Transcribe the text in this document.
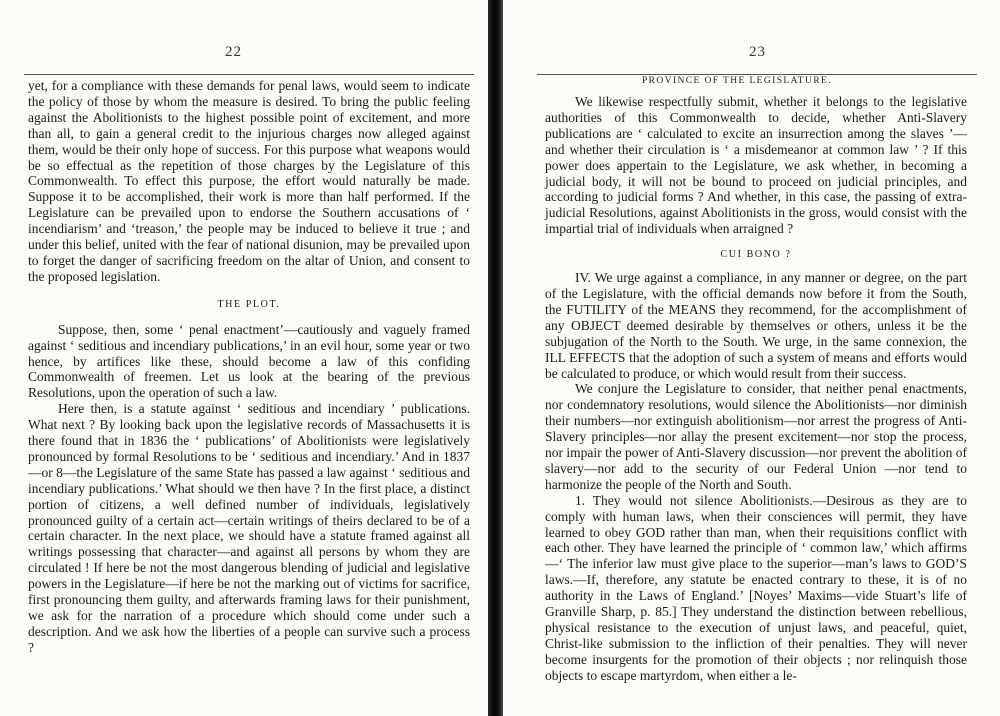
22

yet, for a compliance with these demands for penal laws, would seem to indicate the policy of those by whom the measure is desired. To bring the public feeling against the Abolitionists to the highest possible point of excitement, and more than all, to gain a general credit to the injurious charges now alleged against them, would be their only hope of success. For this purpose what weapons would be so effectual as the repetition of those charges by the Legislature of this Commonwealth. To effect this purpose, the effort would naturally be made. Suppose it to be accomplished, their work is more than half performed. If the Legislature can be prevailed upon to endorse the Southern accusations of ‘ incendiarism’ and ‘treason,’ the people may be induced to believe it true ; and under this belief, united with the fear of national disunion, may be prevailed upon to forget the danger of sacrificing freedom on the altar of Union, and consent to the proposed legislation.

THE PLOT.

Suppose, then, some ‘ penal enactment’—cautiously and vaguely framed against ‘ seditious and incendiary publications,’ in an evil hour, some year or two hence, by artifices like these, should become a law of this confiding Commonwealth of freemen. Let us look at the bearing of the previous Resolutions, upon the operation of such a law.

Here then, is a statute against ‘ seditious and incendiary ’ publications. What next ? By looking back upon the legislative records of Massachusetts it is there found that in 1836 the ‘ publications’ of Abolitionists were legislatively pronounced by formal Resolutions to be ‘ seditious and incendiary.’ And in 1837 —or 8—the Legislature of the same State has passed a law against ‘ seditious and incendiary publications.’ What should we then have ? In the first place, a distinct portion of citizens, a well defined number of individuals, legislatively pronounced guilty of a certain act—certain writings of theirs declared to be of a certain character. In the next place, we should have a statute framed against all writings possessing that character—and against all persons by whom they are circulated ! If here be not the most dangerous blending of judicial and legislative powers in the Legislature—if here be not the marking out of victims for sacrifice, first pronouncing them guilty, and afterwards framing laws for their punishment, we ask for the narration of a procedure which should come under such a description. And we ask how the liberties of a people can survive such a process ?

23
PROVINCE OF THE LEGISLATURE.

We likewise respectfully submit, whether it belongs to the legislative authorities of this Commonwealth to decide, whether Anti-Slavery publications are ‘ calculated to excite an insurrection among the slaves ’—and whether their circulation is ‘ a misdemeanor at common law ’ ? If this power does appertain to the Legislature, we ask whether, in becoming a judicial body, it will not be bound to proceed on judicial principles, and according to judicial forms ? And whether, in this case, the passing of extra-judicial Resolutions, against Abolitionists in the gross, would consist with the impartial trial of individuals when arraigned ?

CUI BONO ?

IV. We urge against a compliance, in any manner or degree, on the part of the Legislature, with the official demands now before it from the South, the FUTILITY of the MEANS they recommend, for the accomplishment of any OBJECT deemed desirable by themselves or others, unless it be the subjugation of the North to the South. We urge, in the same connexion, the ILL EFFECTS that the adoption of such a system of means and efforts would be calculated to produce, or which would result from their success.

We conjure the Legislature to consider, that neither penal enactments, nor condemnatory resolutions, would silence the Abolitionists—nor diminish their numbers—nor extinguish abolitionism—nor arrest the progress of Anti-Slavery principles—nor allay the present excitement—nor stop the process, nor impair the power of Anti-Slavery discussion—nor prevent the abolition of slavery—nor add to the security of our Federal Union —nor tend to harmonize the people of the North and South.

1. They would not silence Abolitionists.—Desirous as they are to comply with human laws, when their consciences will permit, they have learned to obey GOD rather than man, when their requisitions conflict with each other. They have learned the principle of ‘ common law,’ which affirms—‘ The inferior law must give place to the superior—man’s laws to GOD’S laws.—If, therefore, any statute be enacted contrary to these, it is of no authority in the Laws of England.’ [Noyes’ Maxims—vide Stuart’s life of Granville Sharp, p. 85.] They understand the distinction between rebellious, physical resistance to the execution of unjust laws, and peaceful, quiet, Christ-like submission to the infliction of their penalties. They will never become insurgents for the promotion of their objects ; nor relinquish those objects to escape martyrdom, when either a le-
